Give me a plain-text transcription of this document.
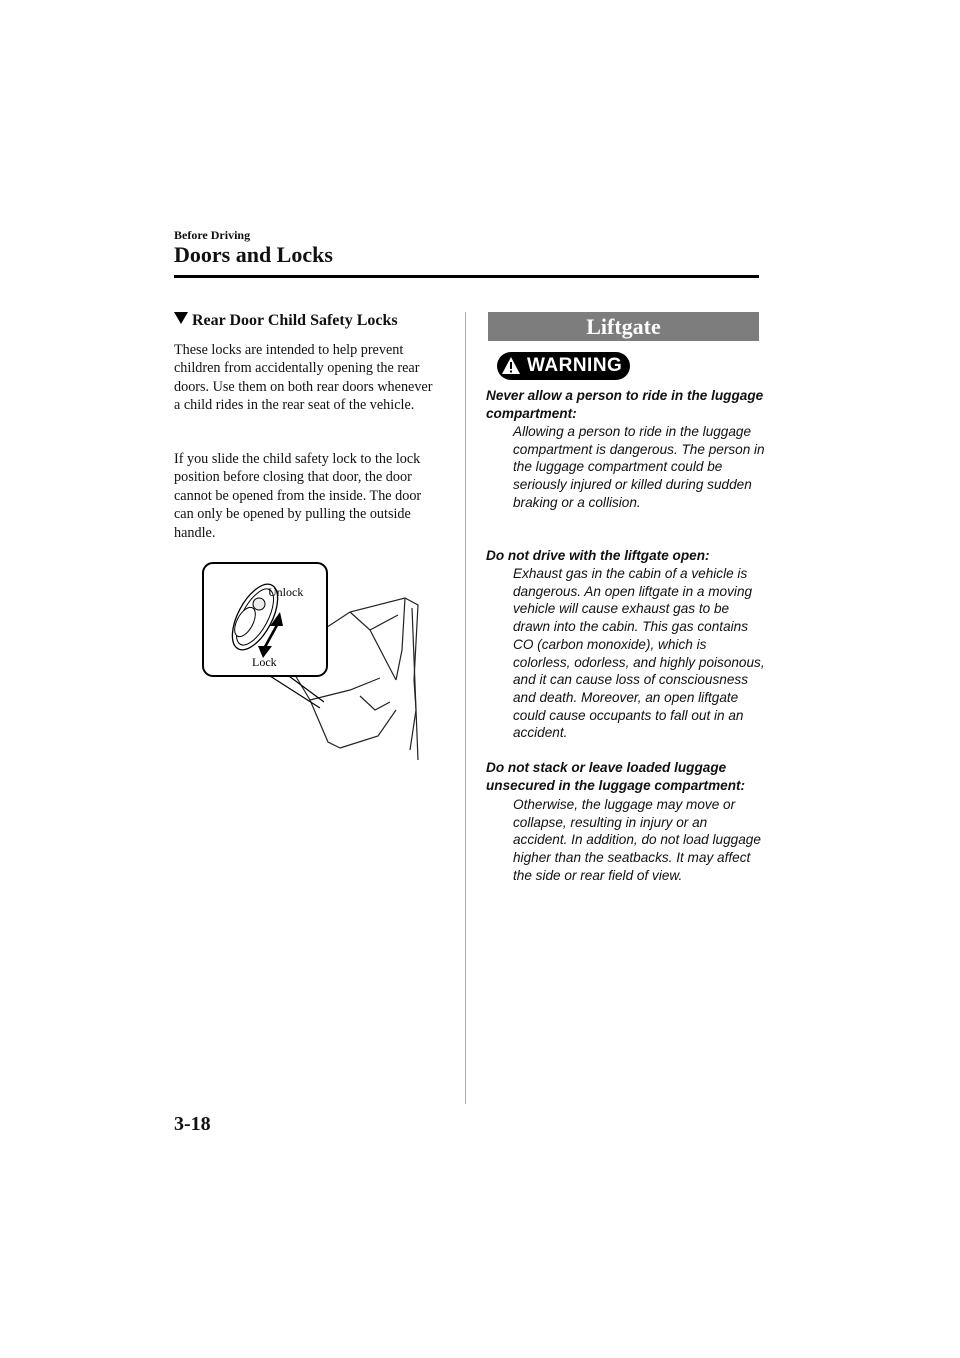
Before Driving
Doors and Locks
Rear Door Child Safety Locks
These locks are intended to help prevent children from accidentally opening the rear doors. Use them on both rear doors whenever a child rides in the rear seat of the vehicle.
If you slide the child safety lock to the lock position before closing that door, the door cannot be opened from the inside. The door can only be opened by pulling the outside handle.
Unlock
Lock
Liftgate
WARNING
Never allow a person to ride in the luggage compartment:
Allowing a person to ride in the luggage compartment is dangerous. The person in the luggage compartment could be seriously injured or killed during sudden braking or a collision.
Do not drive with the liftgate open:
Exhaust gas in the cabin of a vehicle is dangerous. An open liftgate in a moving vehicle will cause exhaust gas to be drawn into the cabin. This gas contains CO (carbon monoxide), which is colorless, odorless, and highly poisonous, and it can cause loss of consciousness and death. Moreover, an open liftgate could cause occupants to fall out in an accident.
Do not stack or leave loaded luggage unsecured in the luggage compartment:
Otherwise, the luggage may move or collapse, resulting in injury or an accident. In addition, do not load luggage higher than the seatbacks. It may affect the side or rear field of view.
3-18
